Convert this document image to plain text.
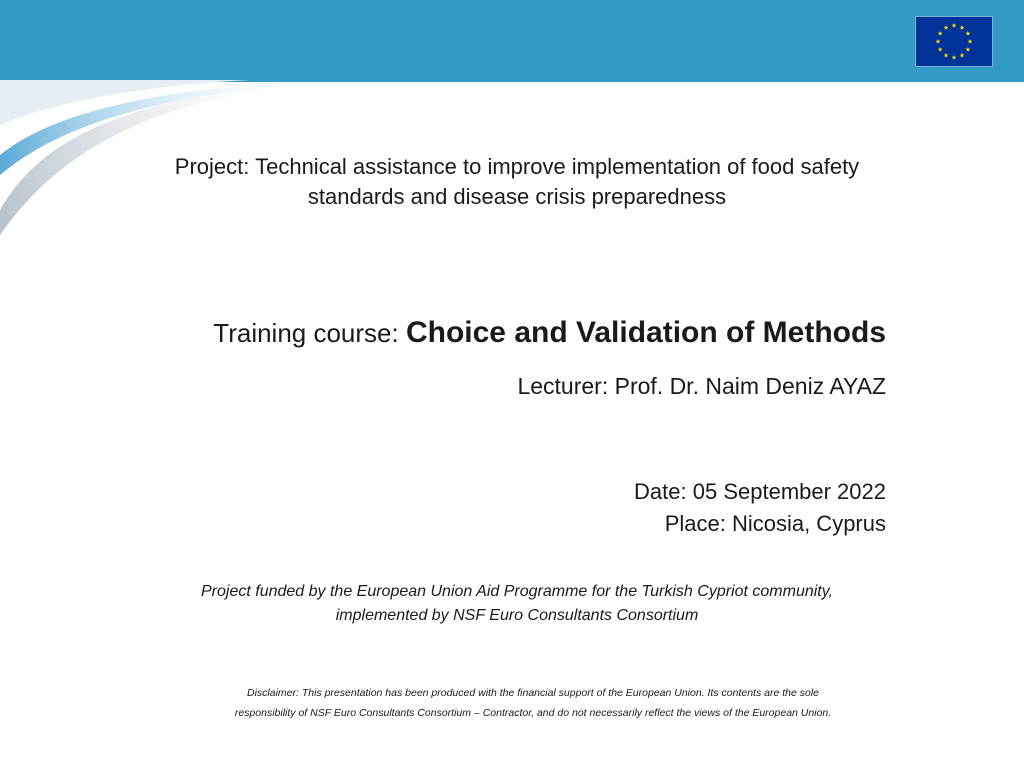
Project: Technical assistance to improve implementation of food safety
standards and disease crisis preparedness
Training course: Choice and Validation of Methods
Lecturer: Prof. Dr. Naim Deniz AYAZ
Date: 05 September 2022
Place: Nicosia, Cyprus
Project funded by the European Union Aid Programme for the Turkish Cypriot community,
implemented by NSF Euro Consultants Consortium
Disclaimer: This presentation has been produced with the financial support of the European Union. Its contents are the sole
responsibility of NSF Euro Consultants Consortium – Contractor, and do not necessarily reflect the views of the European Union.
